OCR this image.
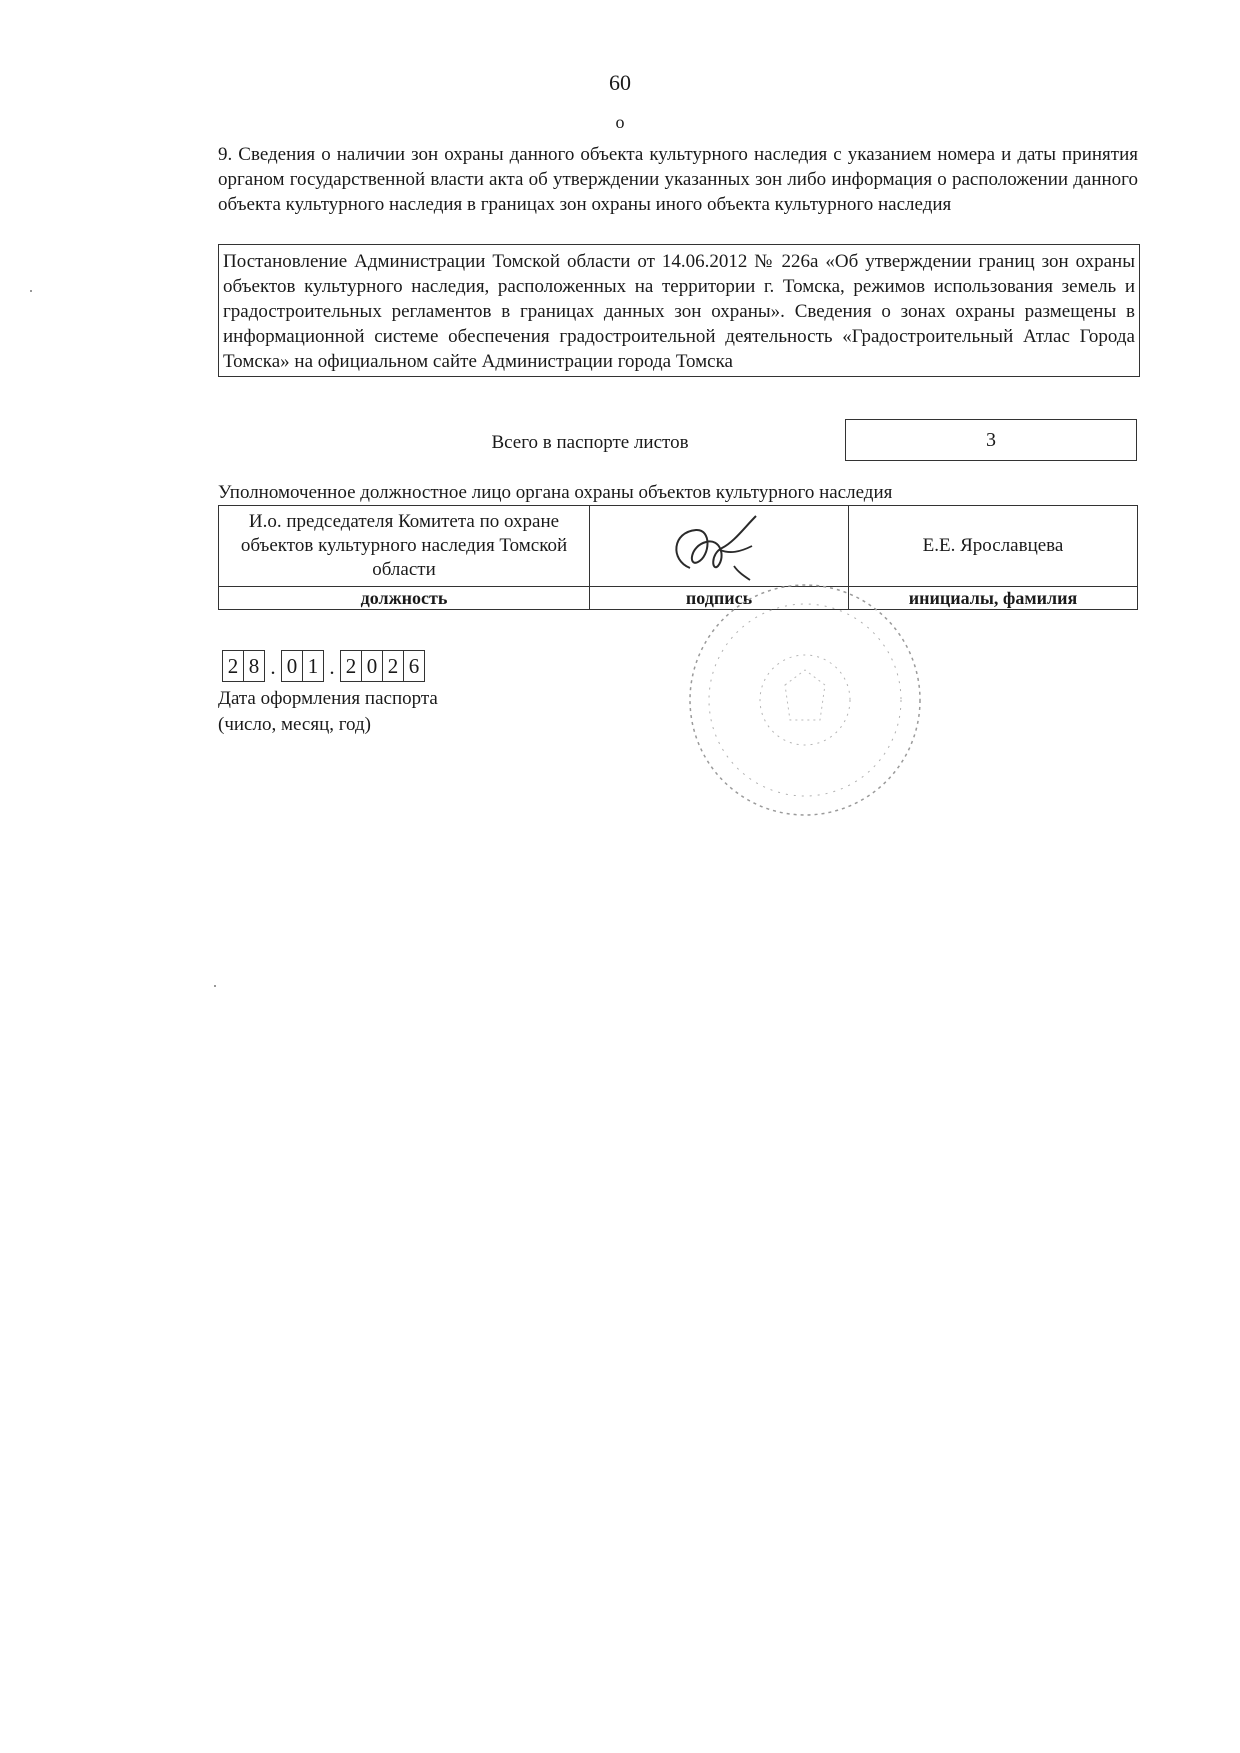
60
о
9. Сведения о наличии зон охраны данного объекта культурного наследия с указанием номера и даты принятия органом государственной власти акта об утверждении указанных зон либо информация о расположении данного объекта культурного наследия в границах зон охраны иного объекта культурного наследия
Постановление Администрации Томской области от 14.06.2012 № 226а «Об утверждении границ зон охраны объектов культурного наследия, расположенных на территории г. Томска, режимов использования земель и градостроительных регламентов в границах данных зон охраны». Сведения о зонах охраны размещены в информационной системе обеспечения градостроительной деятельность «Градостроительный Атлас Города Томска» на официальном сайте Администрации города Томска
Всего в паспорте листов	3
Уполномоченное должностное лицо органа охраны объектов культурного наследия
И.о. председателя Комитета по охране объектов культурного наследия Томской области		Е.Е. Ярославцева
должность	подпись	инициалы, фамилия
2 8 . 0 1 . 2 0 2 6
Дата оформления паспорта
(число, месяц, год)
